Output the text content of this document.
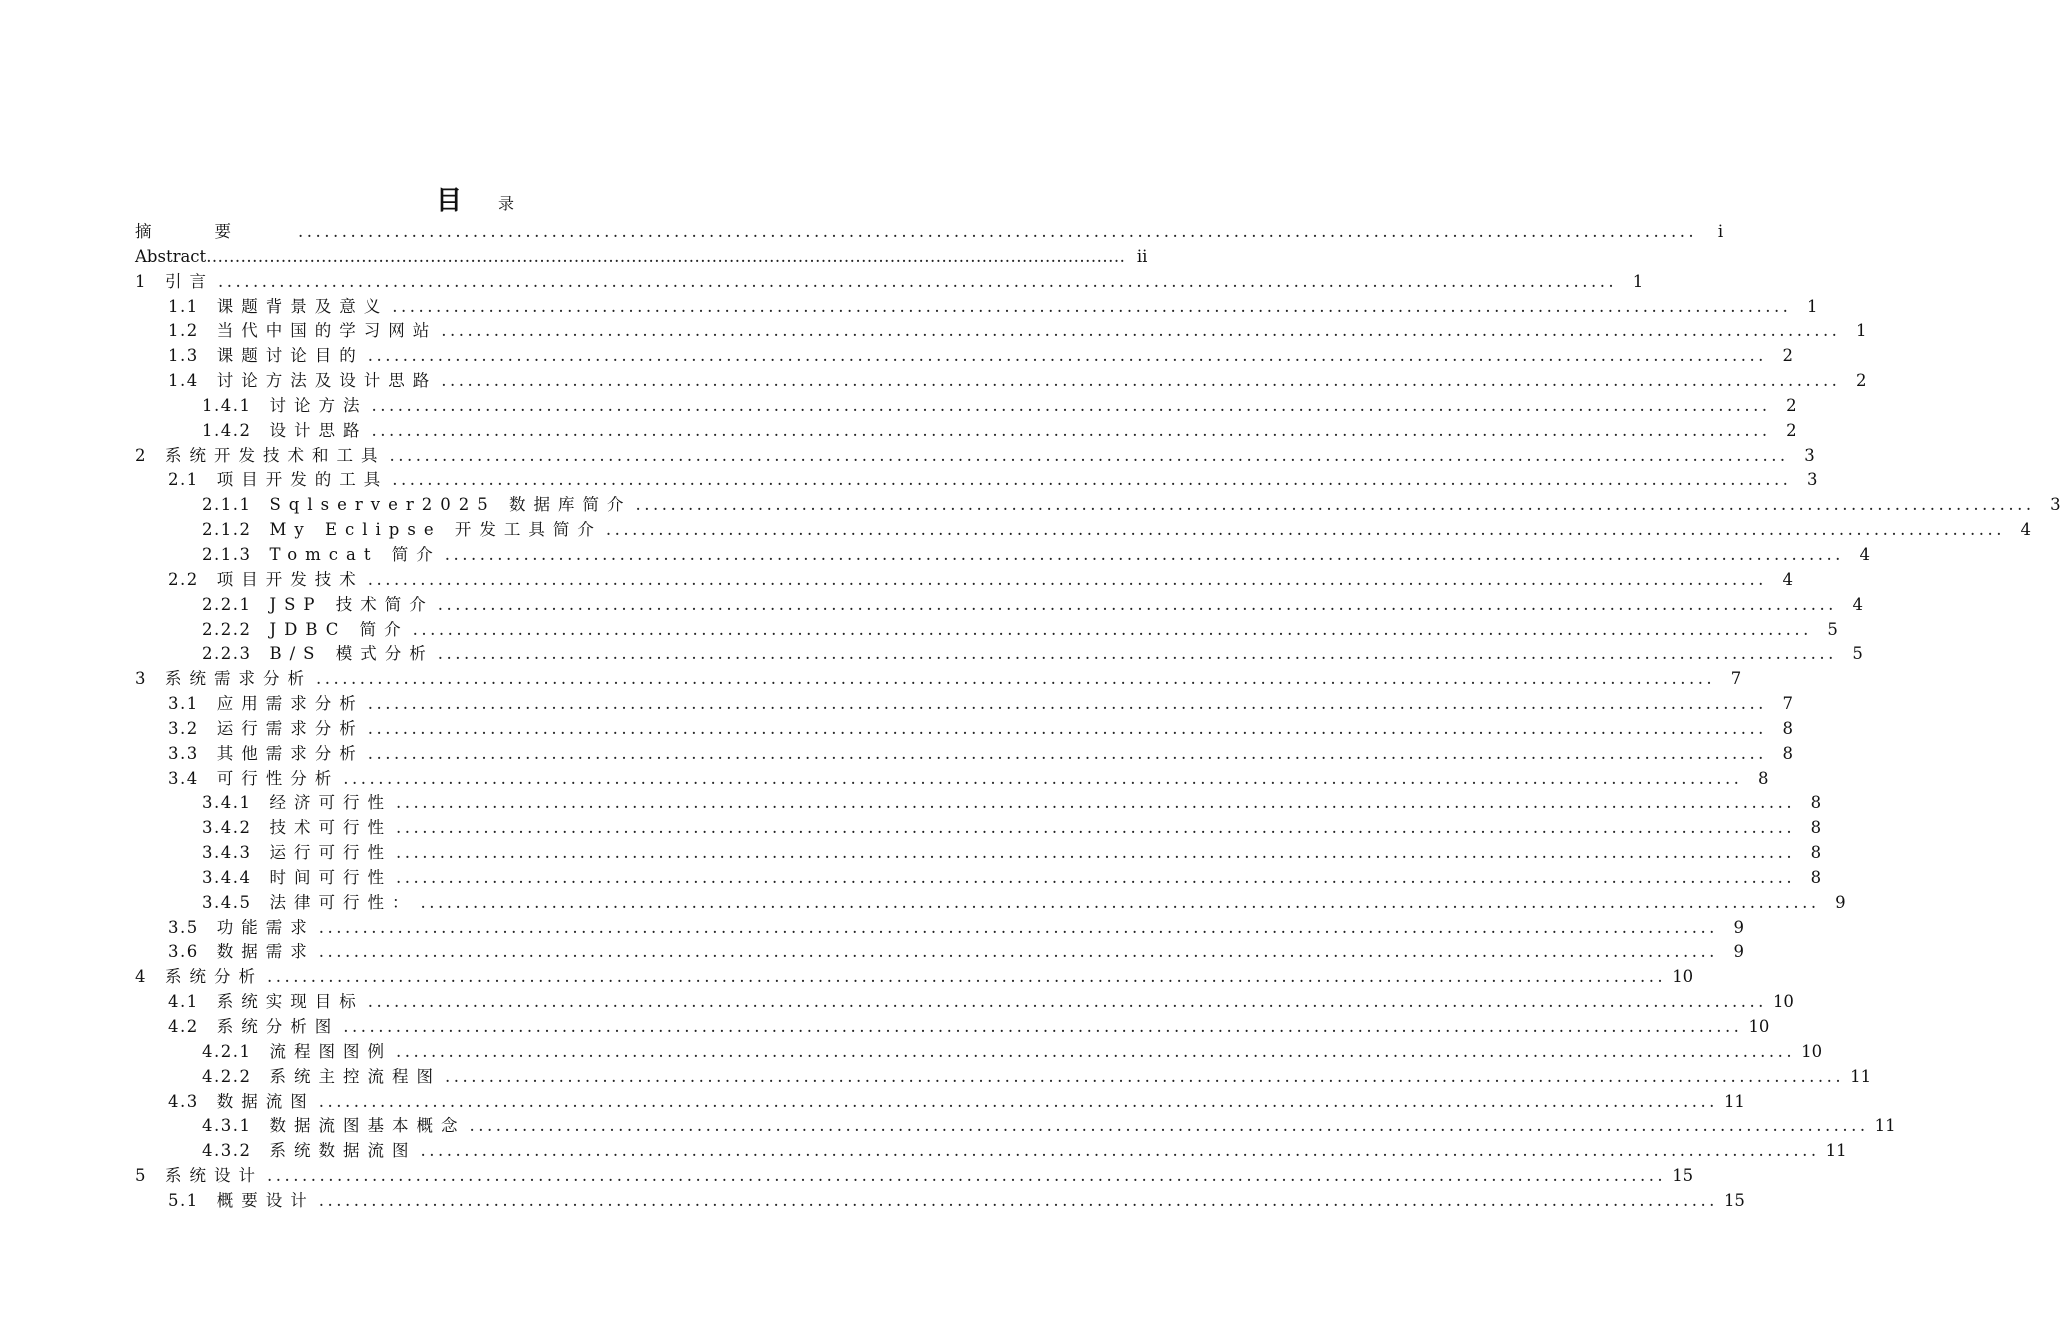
目 录
摘要 ................................................................................................................................................................	i
Abstract ................................................................................................................................................................ ii
1 引言 ................................................................................................................................................................ 1
1.1 课题背景及意义 ................................................................................................................................................................ 1
1.2 当代中国的学习网站 ................................................................................................................................................................ 1
1.3 课题讨论目的 ................................................................................................................................................................ 2
1.4 讨论方法及设计思路 ................................................................................................................................................................ 2
1.4.1 讨论方法 ................................................................................................................................................................ 2
1.4.2 设计思路 ................................................................................................................................................................ 2
2 系统开发技术和工具 ................................................................................................................................................................ 3
2.1 项目开发的工具 ................................................................................................................................................................ 3
2.1.1 Sqlserver2025 数据库简介 ................................................................................................................................................................ 3
2.1.2 My Eclipse 开发工具简介 ................................................................................................................................................................ 4
2.1.3 Tomcat 简介 ................................................................................................................................................................ 4
2.2 项目开发技术 ................................................................................................................................................................ 4
2.2.1 JSP 技术简介 ................................................................................................................................................................ 4
2.2.2 JDBC 简介 ................................................................................................................................................................ 5
2.2.3 B/S 模式分析 ................................................................................................................................................................ 5
3 系统需求分析 ................................................................................................................................................................ 7
3.1 应用需求分析 ................................................................................................................................................................ 7
3.2 运行需求分析 ................................................................................................................................................................ 8
3.3 其他需求分析 ................................................................................................................................................................ 8
3.4 可行性分析 ................................................................................................................................................................ 8
3.4.1 经济可行性 ................................................................................................................................................................ 8
3.4.2 技术可行性 ................................................................................................................................................................ 8
3.4.3 运行可行性 ................................................................................................................................................................ 8
3.4.4 时间可行性 ................................................................................................................................................................ 8
3.4.5 法律可行性： ................................................................................................................................................................ 9
3.5 功能需求 ................................................................................................................................................................ 9
3.6 数据需求 ................................................................................................................................................................ 9
4 系统分析 ................................................................................................................................................................ 10
4.1 系统实现目标 ................................................................................................................................................................ 10
4.2 系统分析图 ................................................................................................................................................................ 10
4.2.1 流程图图例 ................................................................................................................................................................ 10
4.2.2 系统主控流程图 ................................................................................................................................................................ 11
4.3 数据流图 ................................................................................................................................................................ 11
4.3.1 数据流图基本概念 ................................................................................................................................................................ 11
4.3.2 系统数据流图 ................................................................................................................................................................ 11
5 系统设计 ................................................................................................................................................................ 15
5.1 概要设计 ................................................................................................................................................................ 15
